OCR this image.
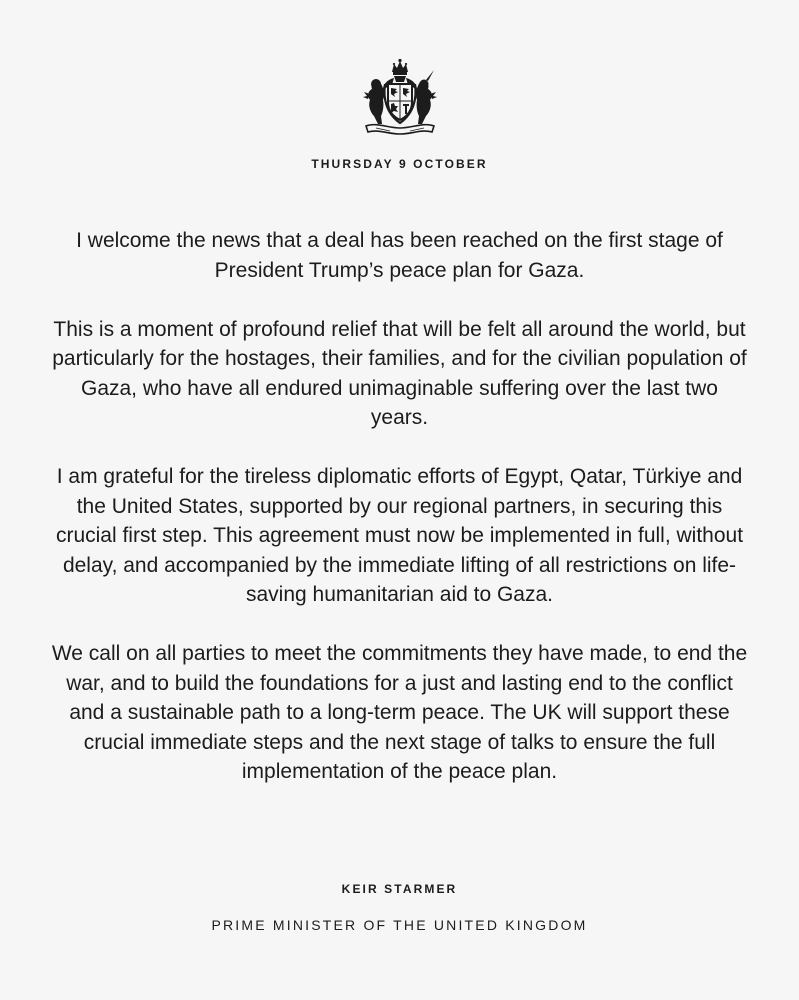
THURSDAY 9 OCTOBER

I welcome the news that a deal has been reached on the first stage of President Trump’s peace plan for Gaza.

This is a moment of profound relief that will be felt all around the world, but particularly for the hostages, their families, and for the civilian population of Gaza, who have all endured unimaginable suffering over the last two years.

I am grateful for the tireless diplomatic efforts of Egypt, Qatar, Türkiye and the United States, supported by our regional partners, in securing this crucial first step. This agreement must now be implemented in full, without delay, and accompanied by the immediate lifting of all restrictions on life-saving humanitarian aid to Gaza.

We call on all parties to meet the commitments they have made, to end the war, and to build the foundations for a just and lasting end to the conflict and a sustainable path to a long-term peace. The UK will support these crucial immediate steps and the next stage of talks to ensure the full implementation of the peace plan.

KEIR STARMER
PRIME MINISTER OF THE UNITED KINGDOM
